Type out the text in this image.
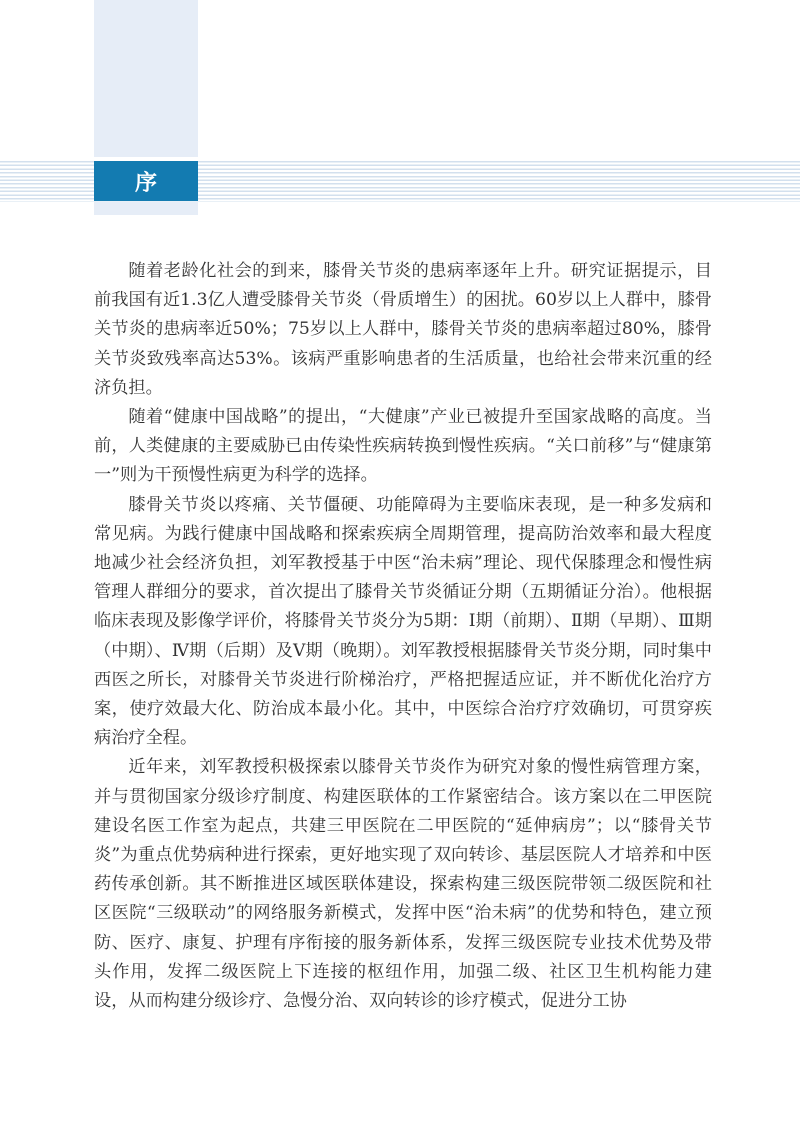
序

随着老龄化社会的到来，膝骨关节炎的患病率逐年上升。研究证据提示，目前我国有近1.3亿人遭受膝骨关节炎（骨质增生）的困扰。60岁以上人群中，膝骨关节炎的患病率近50%；75岁以上人群中，膝骨关节炎的患病率超过80%，膝骨关节炎致残率高达53%。该病严重影响患者的生活质量，也给社会带来沉重的经济负担。

随着“健康中国战略”的提出，“大健康”产业已被提升至国家战略的高度。当前，人类健康的主要威胁已由传染性疾病转换到慢性疾病。“关口前移”与“健康第一”则为干预慢性病更为科学的选择。

膝骨关节炎以疼痛、关节僵硬、功能障碍为主要临床表现，是一种多发病和常见病。为践行健康中国战略和探索疾病全周期管理，提高防治效率和最大程度地减少社会经济负担，刘军教授基于中医“治未病”理论、现代保膝理念和慢性病管理人群细分的要求，首次提出了膝骨关节炎循证分期（五期循证分治）。他根据临床表现及影像学评价，将膝骨关节炎分为5期：Ⅰ期（前期）、Ⅱ期（早期）、Ⅲ期（中期）、Ⅳ期（后期）及Ⅴ期（晚期）。刘军教授根据膝骨关节炎分期，同时集中西医之所长，对膝骨关节炎进行阶梯治疗，严格把握适应证，并不断优化治疗方案，使疗效最大化、防治成本最小化。其中，中医综合治疗疗效确切，可贯穿疾病治疗全程。

近年来，刘军教授积极探索以膝骨关节炎作为研究对象的慢性病管理方案，并与贯彻国家分级诊疗制度、构建医联体的工作紧密结合。该方案以在二甲医院建设名医工作室为起点，共建三甲医院在二甲医院的“延伸病房”；以“膝骨关节炎”为重点优势病种进行探索，更好地实现了双向转诊、基层医院人才培养和中医药传承创新。其不断推进区域医联体建设，探索构建三级医院带领二级医院和社区医院“三级联动”的网络服务新模式，发挥中医“治未病”的优势和特色，建立预防、医疗、康复、护理有序衔接的服务新体系，发挥三级医院专业技术优势及带头作用，发挥二级医院上下连接的枢纽作用，加强二级、社区卫生机构能力建设，从而构建分级诊疗、急慢分治、双向转诊的诊疗模式，促进分工协
